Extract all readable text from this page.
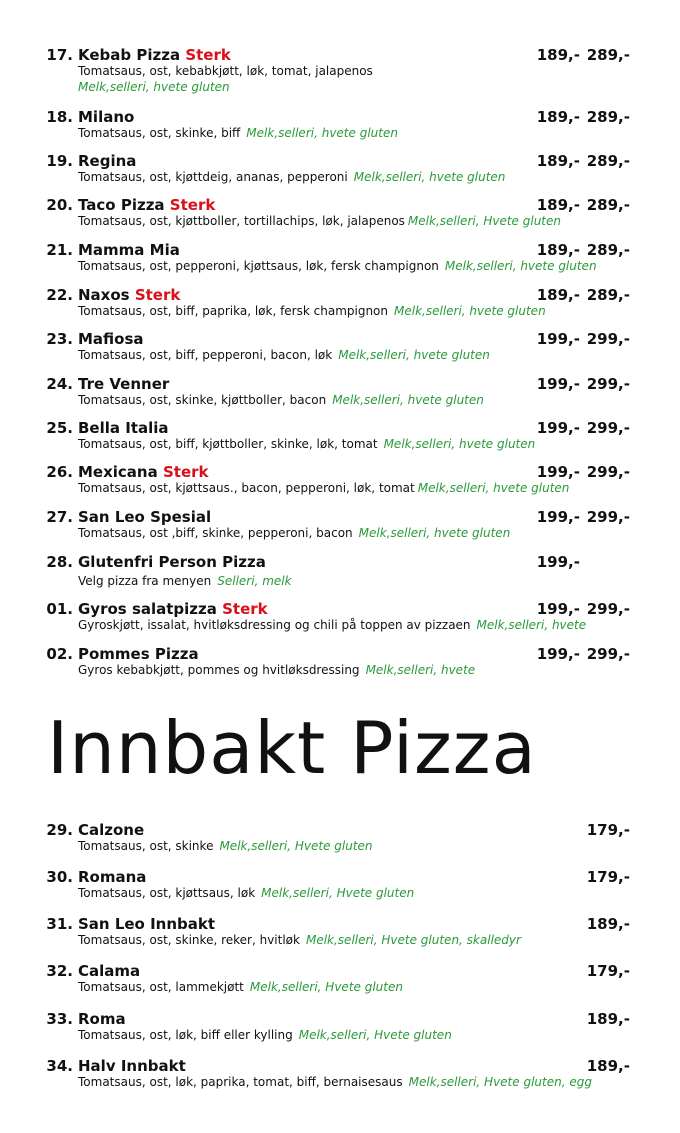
17. Kebab Pizza Sterk	189,- 289,-
Tomatsaus, ost, kebabkjøtt, løk, tomat, jalapenos
Melk,selleri, hvete gluten
18. Milano	189,- 289,-
Tomatsaus, ost, skinke, biff Melk,selleri, hvete gluten
19. Regina	189,- 289,-
Tomatsaus, ost, kjøttdeig, ananas, pepperoni Melk,selleri, hvete gluten
20. Taco Pizza Sterk	189,- 289,-
Tomatsaus, ost, kjøttboller, tortillachips, løk, jalapenos Melk,selleri, Hvete gluten
21. Mamma Mia	189,- 289,-
Tomatsaus, ost, pepperoni, kjøttsaus, løk, fersk champignon Melk,selleri, hvete gluten
22. Naxos Sterk	189,- 289,-
Tomatsaus, ost, biff, paprika, løk, fersk champignon Melk,selleri, hvete gluten
23. Mafiosa	199,- 299,-
Tomatsaus, ost, biff, pepperoni, bacon, løk Melk,selleri, hvete gluten
24. Tre Venner	199,- 299,-
Tomatsaus, ost, skinke, kjøttboller, bacon Melk,selleri, hvete gluten
25. Bella Italia	199,- 299,-
Tomatsaus, ost, biff, kjøttboller, skinke, løk, tomat Melk,selleri, hvete gluten
26. Mexicana Sterk	199,- 299,-
Tomatsaus, ost, kjøttsaus., bacon, pepperoni, løk, tomat Melk,selleri, hvete gluten
27. San Leo Spesial	199,- 299,-
Tomatsaus, ost ,biff, skinke, pepperoni, bacon Melk,selleri, hvete gluten
28. Glutenfri Person Pizza	199,-
Velg pizza fra menyen Selleri, melk
01. Gyros salatpizza Sterk	199,- 299,-
Gyroskjøtt, issalat, hvitløksdressing og chili på toppen av pizzaen Melk,selleri, hvete
02. Pommes Pizza	199,- 299,-
Gyros kebabkjøtt, pommes og hvitløksdressing Melk,selleri, hvete
Innbakt Pizza
29. Calzone	179,-
Tomatsaus, ost, skinke Melk,selleri, Hvete gluten
30. Romana	179,-
Tomatsaus, ost, kjøttsaus, løk Melk,selleri, Hvete gluten
31. San Leo Innbakt	189,-
Tomatsaus, ost, skinke, reker, hvitløk Melk,selleri, Hvete gluten, skalledyr
32. Calama	179,-
Tomatsaus, ost, lammekjøtt Melk,selleri, Hvete gluten
33. Roma	189,-
Tomatsaus, ost, løk, biff eller kylling Melk,selleri, Hvete gluten
34. Halv Innbakt	189,-
Tomatsaus, ost, løk, paprika, tomat, biff, bernaisesaus Melk,selleri, Hvete gluten, egg
